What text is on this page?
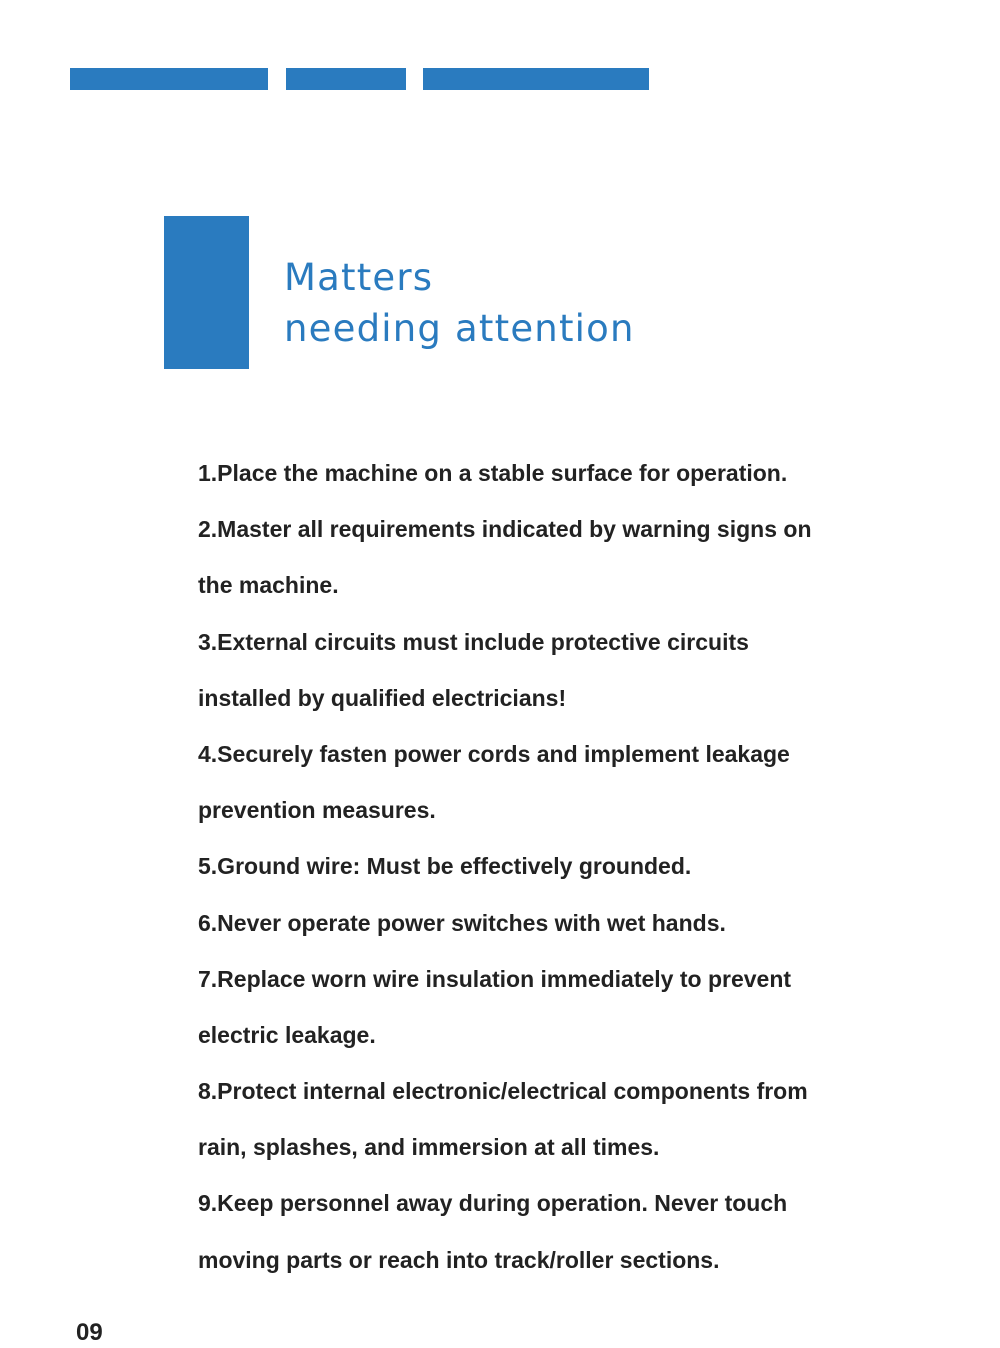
Matters
needing attention
1.Place the machine on a stable surface for operation.
2.Master all requirements indicated by warning signs on
the machine.
3.External circuits must include protective circuits
installed by qualified electricians!
4.Securely fasten power cords and implement leakage
prevention measures.
5.Ground wire: Must be effectively grounded.
6.Never operate power switches with wet hands.
7.Replace worn wire insulation immediately to prevent
electric leakage.
8.Protect internal electronic/electrical components from
rain, splashes, and immersion at all times.
9.Keep personnel away during operation. Never touch
moving parts or reach into track/roller sections.
09
